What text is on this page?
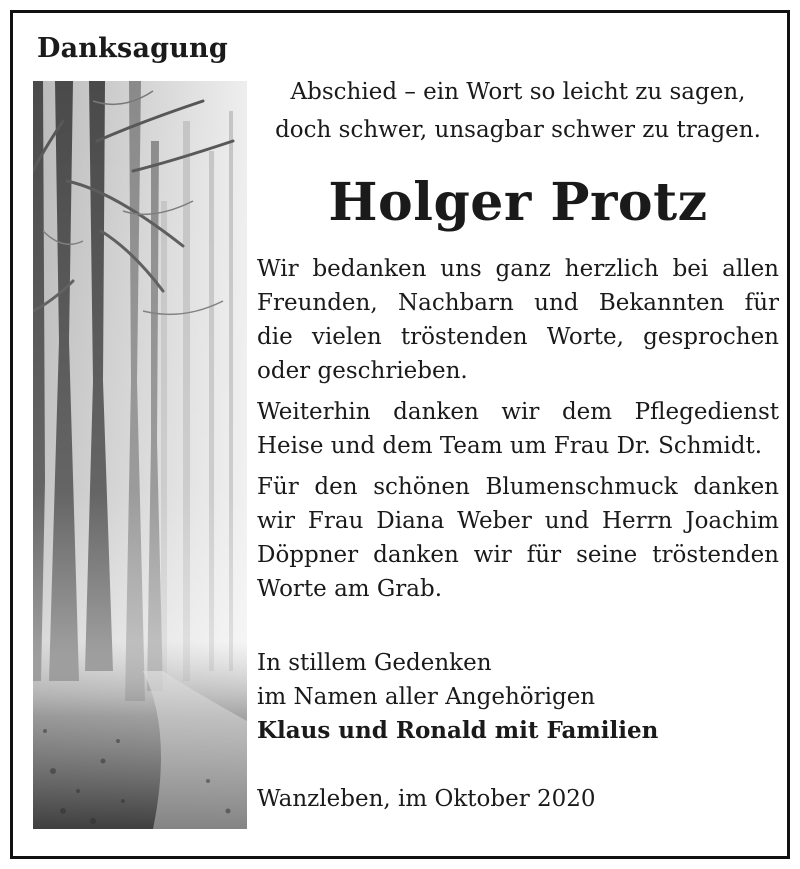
Danksagung
Abschied – ein Wort so leicht zu sagen,
doch schwer, unsagbar schwer zu tragen.
Holger Protz
Wir bedanken uns ganz herzlich bei allen
Freunden, Nachbarn und Bekannten für
die vielen tröstenden Worte, gesprochen
oder geschrieben.
Weiterhin danken wir dem Pflegedienst
Heise und dem Team um Frau Dr. Schmidt.
Für den schönen Blumenschmuck danken
wir Frau Diana Weber und Herrn Joachim
Döppner danken wir für seine tröstenden
Worte am Grab.
In stillem Gedenken
im Namen aller Angehörigen
Klaus und Ronald mit Familien
Wanzleben, im Oktober 2020
